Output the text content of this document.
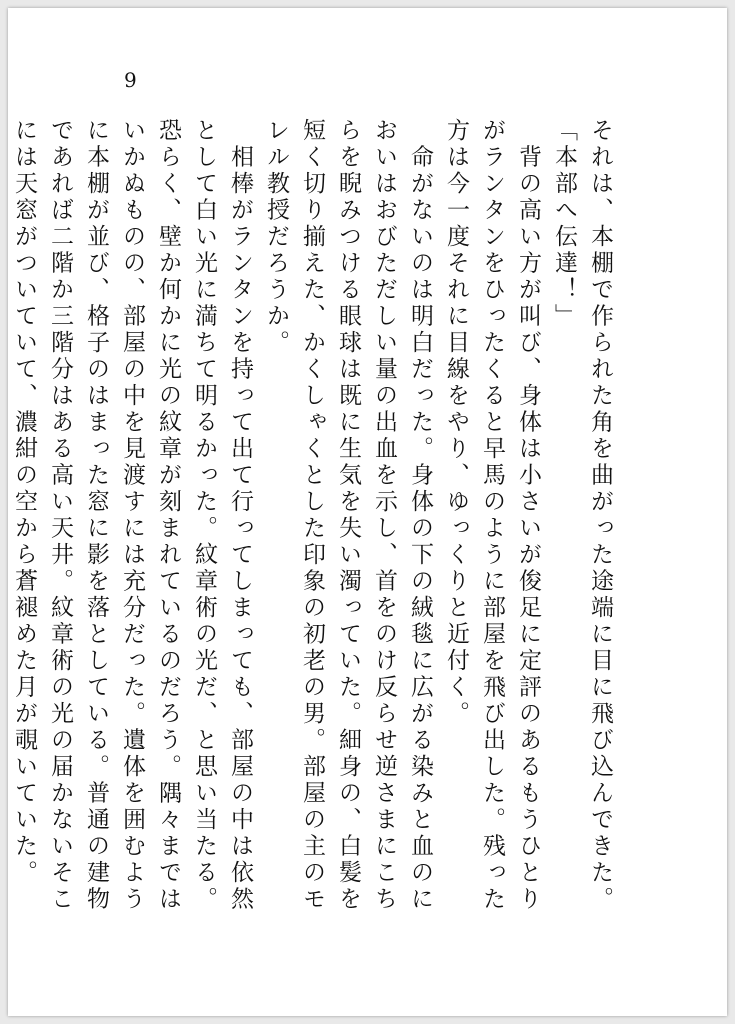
9

それは、本棚で作られた角を曲がった途端に目に飛び込んできた。

「本部へ伝達！」

　背の高い方が叫び、身体は小さいが俊足に定評のあるもうひとりがランタンをひったくると早馬のように部屋を飛び出した。残った方は今一度それに目線をやり、ゆっくりと近付く。

　命がないのは明白だった。身体の下の絨毯に広がる染みと血のにおいはおびただしい量の出血を示し、首をのけ反らせ逆さまにこちらを睨みつける眼球は既に生気を失い濁っていた。細身の、白髪を短く切り揃えた、かくしゃくとした印象の初老の男。部屋の主のモレル教授だろうか。

　相棒がランタンを持って出て行ってしまっても、部屋の中は依然として白い光に満ちて明るかった。紋章術の光だ、と思い当たる。恐らく、壁か何かに光の紋章が刻まれているのだろう。隅々まではいかぬものの、部屋の中を見渡すには充分だった。遺体を囲むように本棚が並び、格子のはまった窓に影を落としている。普通の建物であれば二階か三階分はある高い天井。紋章術の光の届かないそこには天窓がついていて、濃紺の空から蒼褪めた月が覗いていた。
